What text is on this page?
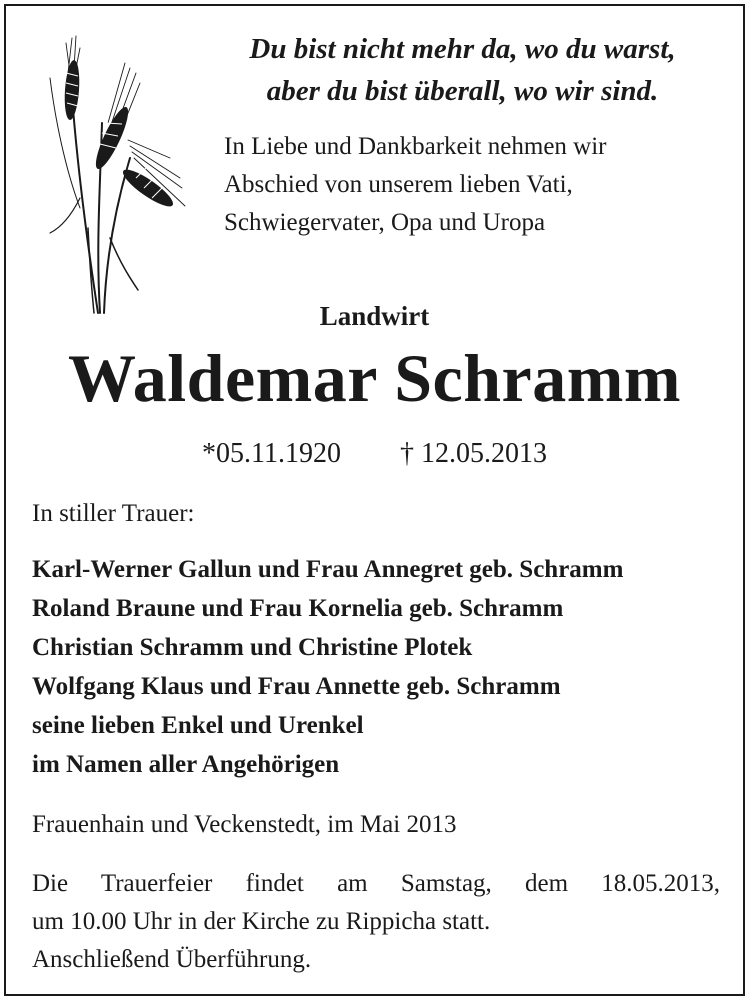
Du bist nicht mehr da, wo du warst,
aber du bist überall, wo wir sind.
In Liebe und Dankbarkeit nehmen wir
Abschied von unserem lieben Vati,
Schwiegervater, Opa und Uropa
Landwirt
Waldemar Schramm
*05.11.1920 † 12.05.2013
In stiller Trauer:
Karl-Werner Gallun und Frau Annegret geb. Schramm
Roland Braune und Frau Kornelia geb. Schramm
Christian Schramm und Christine Plotek
Wolfgang Klaus und Frau Annette geb. Schramm
seine lieben Enkel und Urenkel
im Namen aller Angehörigen
Frauenhain und Veckenstedt, im Mai 2013
Die Trauerfeier findet am Samstag, dem 18.05.2013,
um 10.00 Uhr in der Kirche zu Rippicha statt.
Anschließend Überführung.
